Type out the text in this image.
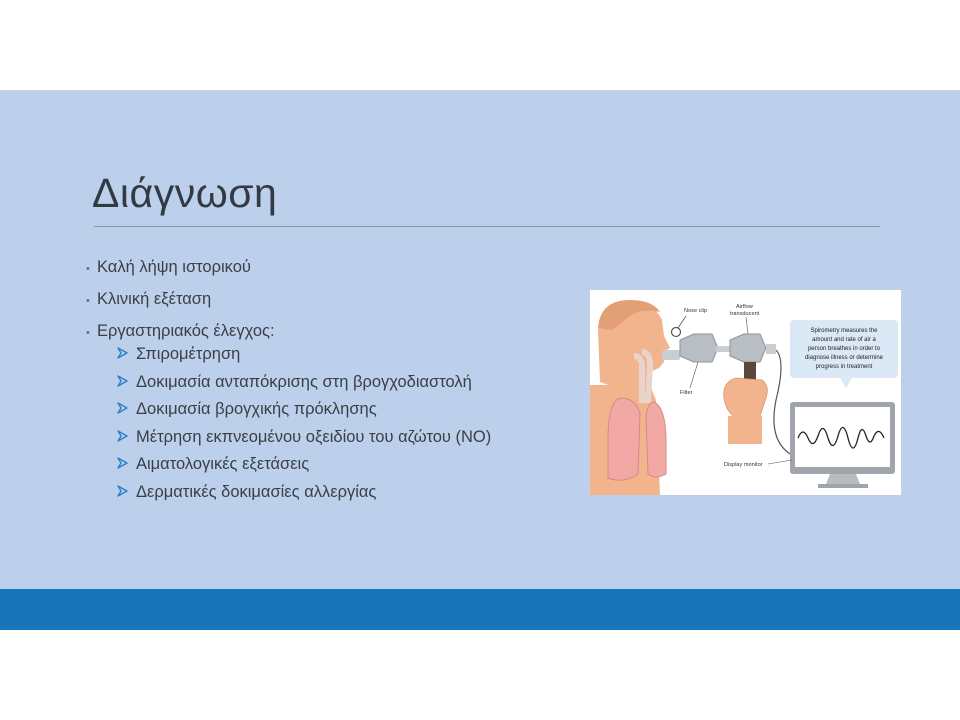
Διάγνωση
• Καλή λήψη ιστορικού
• Κλινική εξέταση
• Εργαστηριακός έλεγχος:
Σπιρομέτρηση
Δοκιμασία ανταπόκρισης στη βρογχοδιαστολή
Δοκιμασία βρογχικής πρόκλησης
Μέτρηση εκπνεομένου οξειδίου του αζώτου (NO)
Αιματολογικές εξετάσεις
Δερματικές δοκιμασίες αλλεργίας
Spirometry measures the
amount and rate of air a
person breathes in order to
diagnose illness or determine
progress in treatment
Nose clip
Airflow
transducent
Filter
Display monitor
